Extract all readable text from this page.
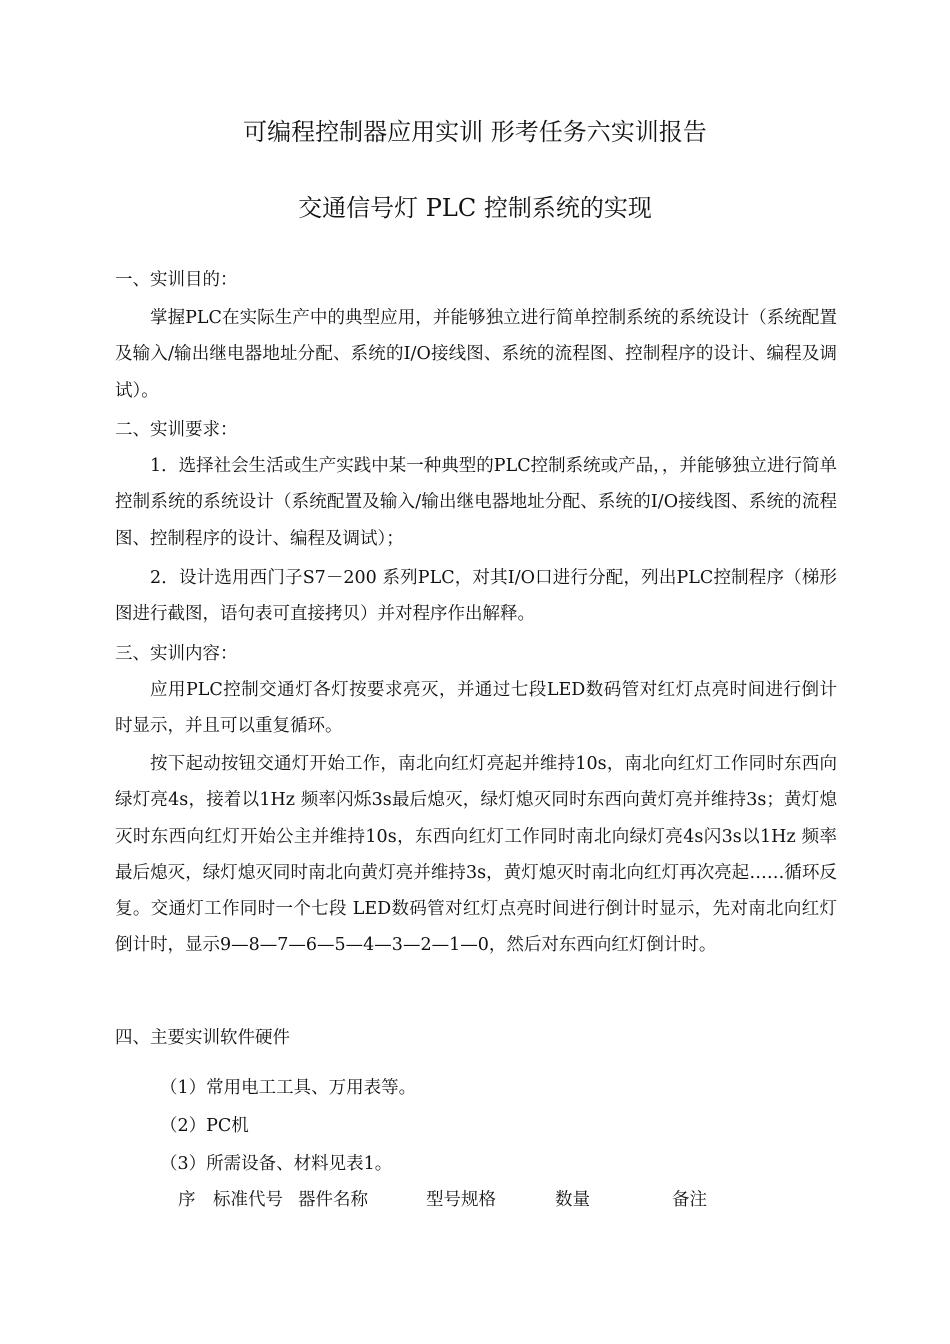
可编程控制器应用实训 形考任务六实训报告
交通信号灯 PLC 控制系统的实现
一、实训目的：
掌握PLC在实际生产中的典型应用，并能够独立进行简单控制系统的系统设计（系统配置及输入/输出继电器地址分配、系统的I/O接线图、系统的流程图、控制程序的设计、编程及调试）。
二、实训要求：
1．选择社会生活或生产实践中某一种典型的PLC控制系统或产品，，并能够独立进行简单控制系统的系统设计（系统配置及输入/输出继电器地址分配、系统的I/O接线图、系统的流程图、控制程序的设计、编程及调试）；
2．设计选用西门子S7－200 系列PLC，对其I/O口进行分配，列出PLC控制程序（梯形图进行截图，语句表可直接拷贝）并对程序作出解释。
三、实训内容：
应用PLC控制交通灯各灯按要求亮灭，并通过七段LED数码管对红灯点亮时间进行倒计时显示，并且可以重复循环。
按下起动按钮交通灯开始工作，南北向红灯亮起并维持10s，南北向红灯工作同时东西向绿灯亮4s，接着以1Hz 频率闪烁3s最后熄灭，绿灯熄灭同时东西向黄灯亮并维持3s；黄灯熄灭时东西向红灯开始公主并维持10s，东西向红灯工作同时南北向绿灯亮4s闪3s以1Hz 频率最后熄灭，绿灯熄灭同时南北向黄灯亮并维持3s，黄灯熄灭时南北向红灯再次亮起……循环反复。交通灯工作同时一个七段 LED数码管对红灯点亮时间进行倒计时显示，先对南北向红灯倒计时，显示9—8—7—6—5—4—3—2—1—0，然后对东西向红灯倒计时。
四、主要实训软件硬件
（1）常用电工工具、万用表等。
（2）PC机
（3）所需设备、材料见表1。
序 标准代号 器件名称	型号规格	数量	备注
